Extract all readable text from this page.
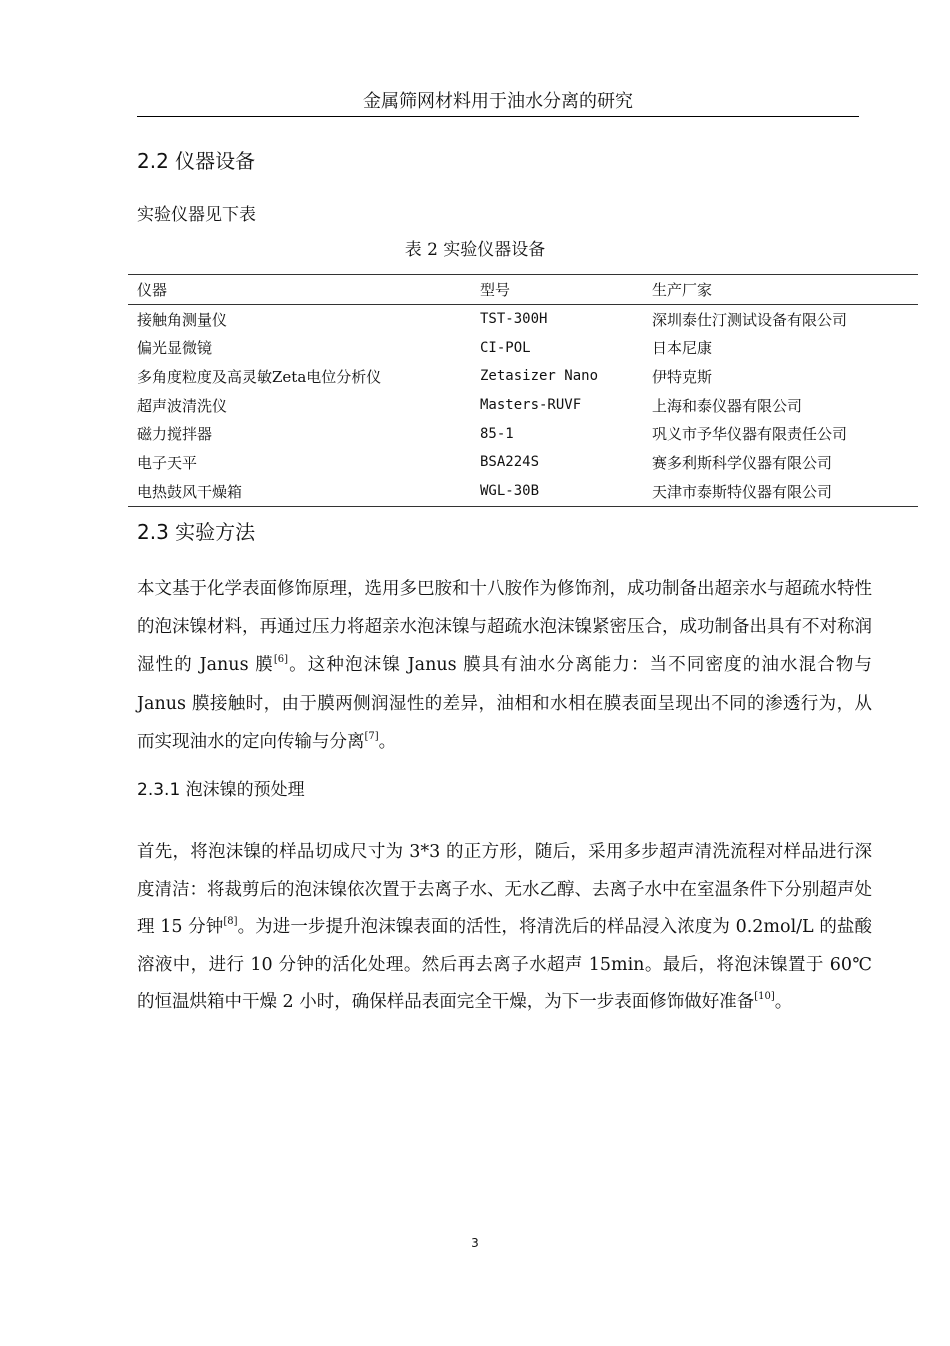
金属筛网材料用于油水分离的研究
2.2 仪器设备
实验仪器见下表
表 2 实验仪器设备
仪器	型号	生产厂家
接触角测量仪	TST-300H	深圳泰仕汀测试设备有限公司
偏光显微镜	CI-POL	日本尼康
多角度粒度及高灵敏Zeta电位分析仪	Zetasizer Nano	伊特克斯
超声波清洗仪	Masters-RUVF	上海和泰仪器有限公司
磁力搅拌器	85-1	巩义市予华仪器有限责任公司
电子天平	BSA224S	赛多利斯科学仪器有限公司
电热鼓风干燥箱	WGL-30B	天津市泰斯特仪器有限公司
2.3 实验方法
本文基于化学表面修饰原理，选用多巴胺和十八胺作为修饰剂，成功制备出超亲水与超疏水特性的泡沫镍材料，再通过压力将超亲水泡沫镍与超疏水泡沫镍紧密压合，成功制备出具有不对称润湿性的 Janus 膜[6]。这种泡沫镍 Janus 膜具有油水分离能力：当不同密度的油水混合物与 Janus 膜接触时，由于膜两侧润湿性的差异，油相和水相在膜表面呈现出不同的渗透行为，从而实现油水的定向传输与分离[7]。
2.3.1 泡沫镍的预处理
首先，将泡沫镍的样品切成尺寸为 3*3 的正方形，随后，采用多步超声清洗流程对样品进行深度清洁：将裁剪后的泡沫镍依次置于去离子水、无水乙醇、去离子水中在室温条件下分别超声处理 15 分钟[8]。为进一步提升泡沫镍表面的活性，将清洗后的样品浸入浓度为 0.2mol/L 的盐酸溶液中，进行 10 分钟的活化处理。然后再去离子水超声 15min。最后，将泡沫镍置于 60℃的恒温烘箱中干燥 2 小时，确保样品表面完全干燥，为下一步表面修饰做好准备[10]。
3
